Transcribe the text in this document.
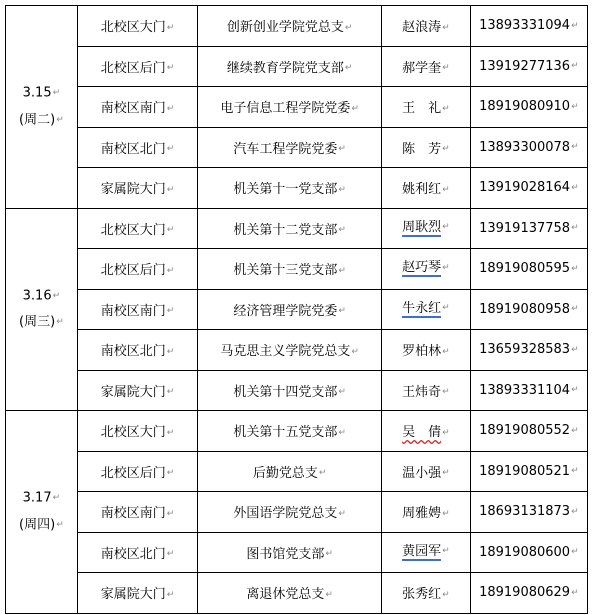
3.15↵
(周二)↵	北校区大门↵	创新创业学院党总支↵	赵浪涛↵	13893331094↵
	北校区后门↵	继续教育学院党支部↵	郝学奎↵	13919277136↵
	南校区南门↵	电子信息工程学院党委↵	王　礼↵	18919080910↵
	南校区北门↵	汽车工程学院党委↵	陈　芳↵	13893300078↵
	家属院大门↵	机关第十一党支部↵	姚利红↵	13919028164↵

3.16↵
(周三)↵	北校区大门↵	机关第十二党支部↵	周耿烈↵	13919137758↵
	北校区后门↵	机关第十三党支部↵	赵巧琴↵	18919080595↵
	南校区南门↵	经济管理学院党委↵	牛永红↵	18919080958↵
	南校区北门↵	马克思主义学院党总支↵	罗柏林↵	13659328583↵
	家属院大门↵	机关第十四党支部↵	王炜奇↵	13893331104↵

3.17↵
(周四)↵	北校区大门↵	机关第十五党支部↵	吴　倩↵	18919080552↵
	北校区后门↵	后勤党总支↵	温小强↵	18919080521↵
	南校区南门↵	外国语学院党总支↵	周雅娉↵	18693131873↵
	南校区北门↵	图书馆党支部↵	黄园军↵	18919080600↵
	家属院大门↵	离退休党总支↵	张秀红↵	18919080629↵
